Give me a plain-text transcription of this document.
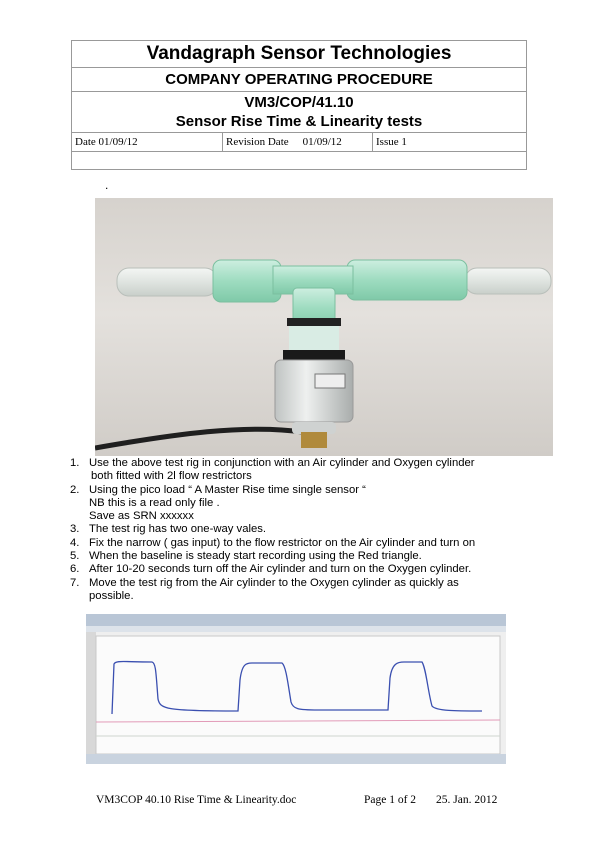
Vandagraph Sensor Technologies
COMPANY OPERATING PROCEDURE

VM3/COP/41.10
Sensor Rise Time & Linearity tests

Date 01/09/12	Revision Date 01/09/12	Issue 1

.
1. Use the above test rig in conjunction with an Air cylinder and Oxygen cylinder
both fitted with 2l flow restrictors
2. Using the pico load “ A Master Rise time single sensor “
NB this is a read only file .
Save as SRN xxxxxx
3. The test rig has two one-way vales.
4. Fix the narrow ( gas input) to the flow restrictor on the Air cylinder and turn on
5. When the baseline is steady start recording using the Red triangle.
6. After 10-20 seconds turn off the Air cylinder and turn on the Oxygen cylinder.
7. Move the test rig from the Air cylinder to the Oxygen cylinder as quickly as
possible.
VM3COP 40.10 Rise Time & Linearity.doc	Page 1 of 2 25. Jan. 2012
